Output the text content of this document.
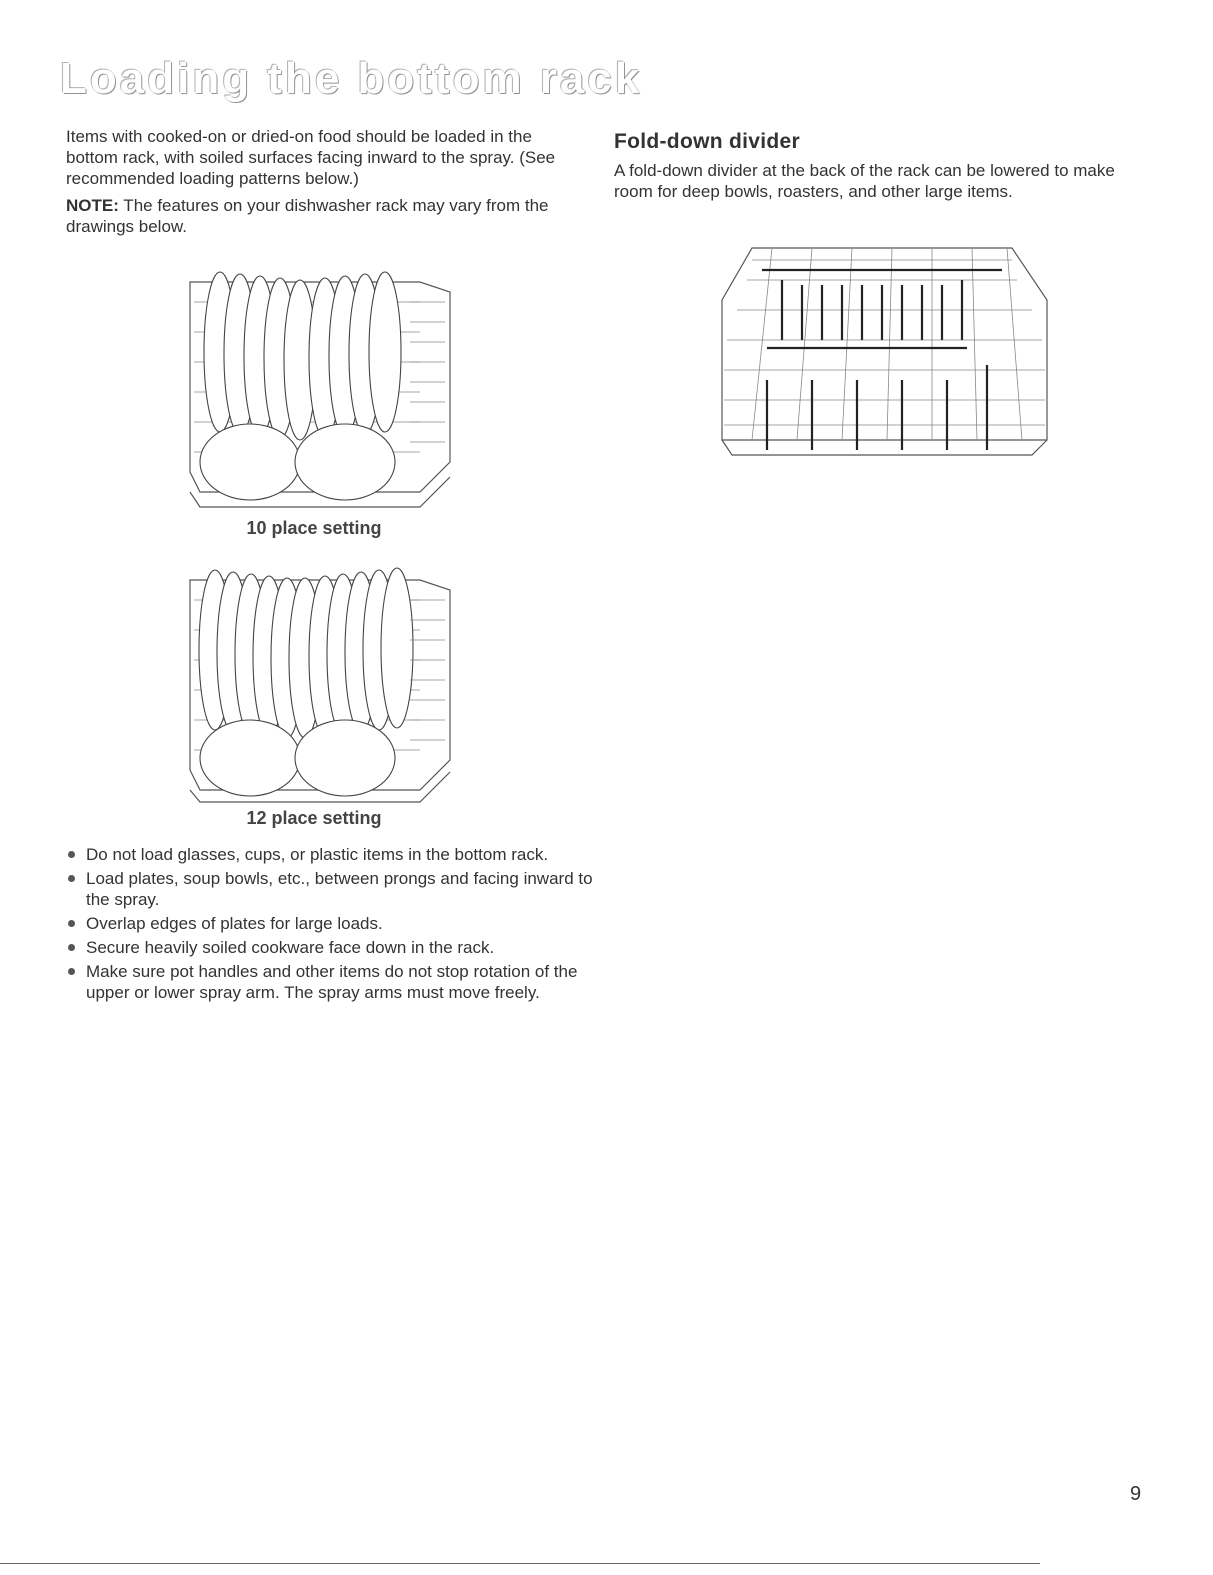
Loading the bottom rack

Items with cooked-on or dried-on food should be loaded in the bottom rack, with soiled surfaces facing inward to the spray. (See recommended loading patterns below.)

NOTE: The features on your dishwasher rack may vary from the drawings below.

10 place setting
12 place setting
Do not load glasses, cups, or plastic items in the bottom rack.
Load plates, soup bowls, etc., between prongs and facing inward to the spray.
Overlap edges of plates for large loads.
Secure heavily soiled cookware face down in the rack.
Make sure pot handles and other items do not stop rotation of the upper or lower spray arm. The spray arms must move freely.
Fold-down divider

A fold-down divider at the back of the rack can be lowered to make room for deep bowls, roasters, and other large items.

9
